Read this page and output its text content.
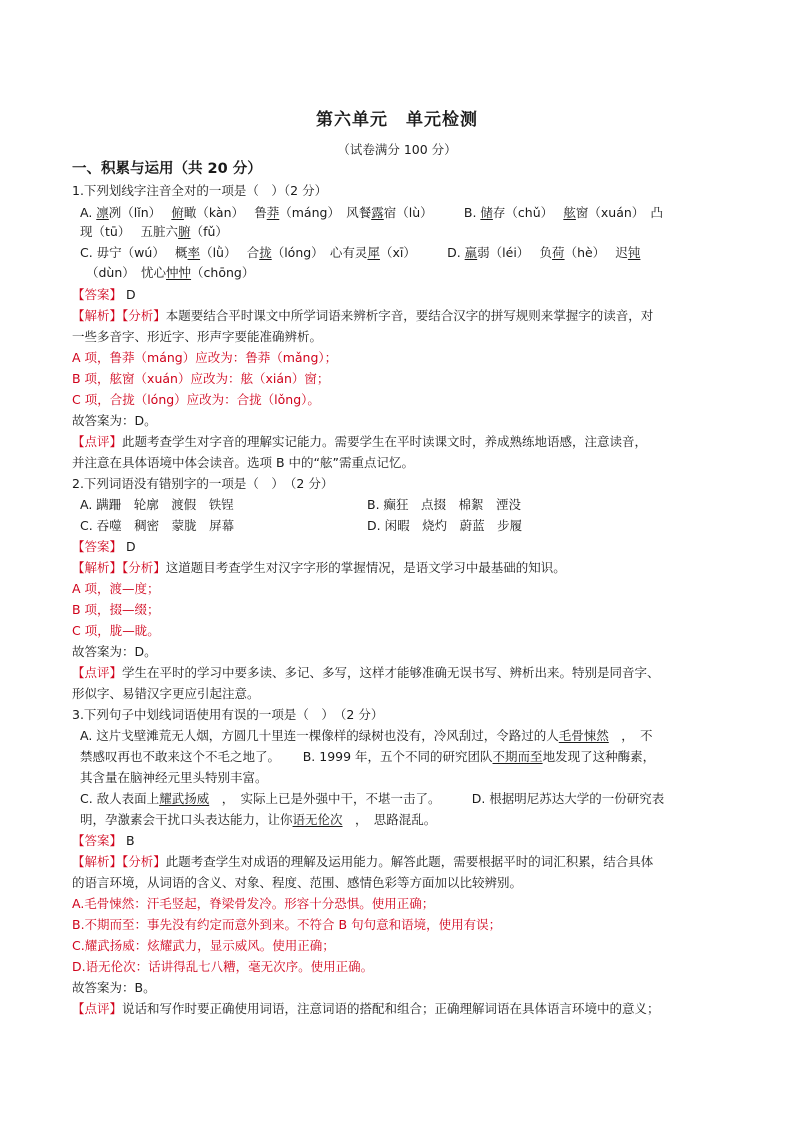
第六单元　单元检测
（试卷满分 100 分）
一、积累与运用（共 20 分）
1.下列划线字注音全对的一项是（　）（2 分）
A. 凛冽（lǐn）　 俯瞰（kàn）　 鲁莽（máng）　风餐露宿（lù）　　　B. 储存（chǔ）　 舷窗（xuán）　凸
现（tū）　 五脏六腑（fǔ）
C. 毋宁（wú）　 概率（lǜ）　 合拢（lóng）　心有灵犀（xī）　　　D. 羸弱（léi）　 负荷（hè）　 迟钝
（dùn）　忧心忡忡（chōng）
【答案】 D
【解析】【分析】本题要结合平时课文中所学词语来辨析字音，要结合汉字的拼写规则来掌握字的读音，对
一些多音字、形近字、形声字要能准确辨析。
A 项，鲁莽（máng）应改为：鲁莽（mǎng）；
B 项，舷窗（xuán）应改为：舷（xián）窗；
C 项，合拢（lóng）应改为：合拢（lǒng）。
故答案为：D。
【点评】此题考查学生对字音的理解实记能力。需要学生在平时读课文时，养成熟练地语感，注意读音，
并注意在具体语境中体会读音。选项 B 中的“舷”需重点记忆。
2.下列词语没有错别字的一项是（　）　（2 分）
A. 蹒跚　轮廓　渡假　铁锃	B. 癫狂　点掇　棉絮　湮没
C. 吞噬　稠密　蒙胧　屏幕	D. 闲暇　烧灼　蔚蓝　步履
【答案】 D
【解析】【分析】这道题目考查学生对汉字字形的掌握情况，是语文学习中最基础的知识。
A 项，渡—度；
B 项，掇—缀；
C 项，胧—眬。
故答案为：D。
【点评】学生在平时的学习中要多读、多记、多写，这样才能够准确无误书写、辨析出来。特别是同音字、
形似字、易错汉字更应引起注意。
3.下列句子中划线词语使用有误的一项是（　）　（2 分）
A. 这片戈壁滩荒无人烟，方圆几十里连一棵像样的绿树也没有，冷风刮过，令路过的人毛骨悚然　，　不
禁感叹再也不敢来这个不毛之地了。　　 B. 1999 年，五个不同的研究团队不期而至地发现了这种酶素，
其含量在脑神经元里头特别丰富。
C. 敌人表面上耀武扬威　，　实际上已是外强中干，不堪一击了。　　　D. 根据明尼苏达大学的一份研究表
明，孕激素会干扰口头表达能力，让你语无伦次　，　思路混乱。
【答案】 B
【解析】【分析】此题考查学生对成语的理解及运用能力。解答此题，需要根据平时的词汇积累，结合具体
的语言环境，从词语的含义、对象、程度、范围、感情色彩等方面加以比较辨别。
A.毛骨悚然：汗毛竖起，脊梁骨发冷。形容十分恐惧。使用正确；
B.不期而至：事先没有约定而意外到来。不符合 B 句句意和语境，使用有误；
C.耀武扬威：炫耀武力，显示威风。使用正确；
D.语无伦次：话讲得乱七八糟，毫无次序。使用正确。
故答案为：B。
【点评】说话和写作时要正确使用词语，注意词语的搭配和组合；正确理解词语在具体语言环境中的意义；
